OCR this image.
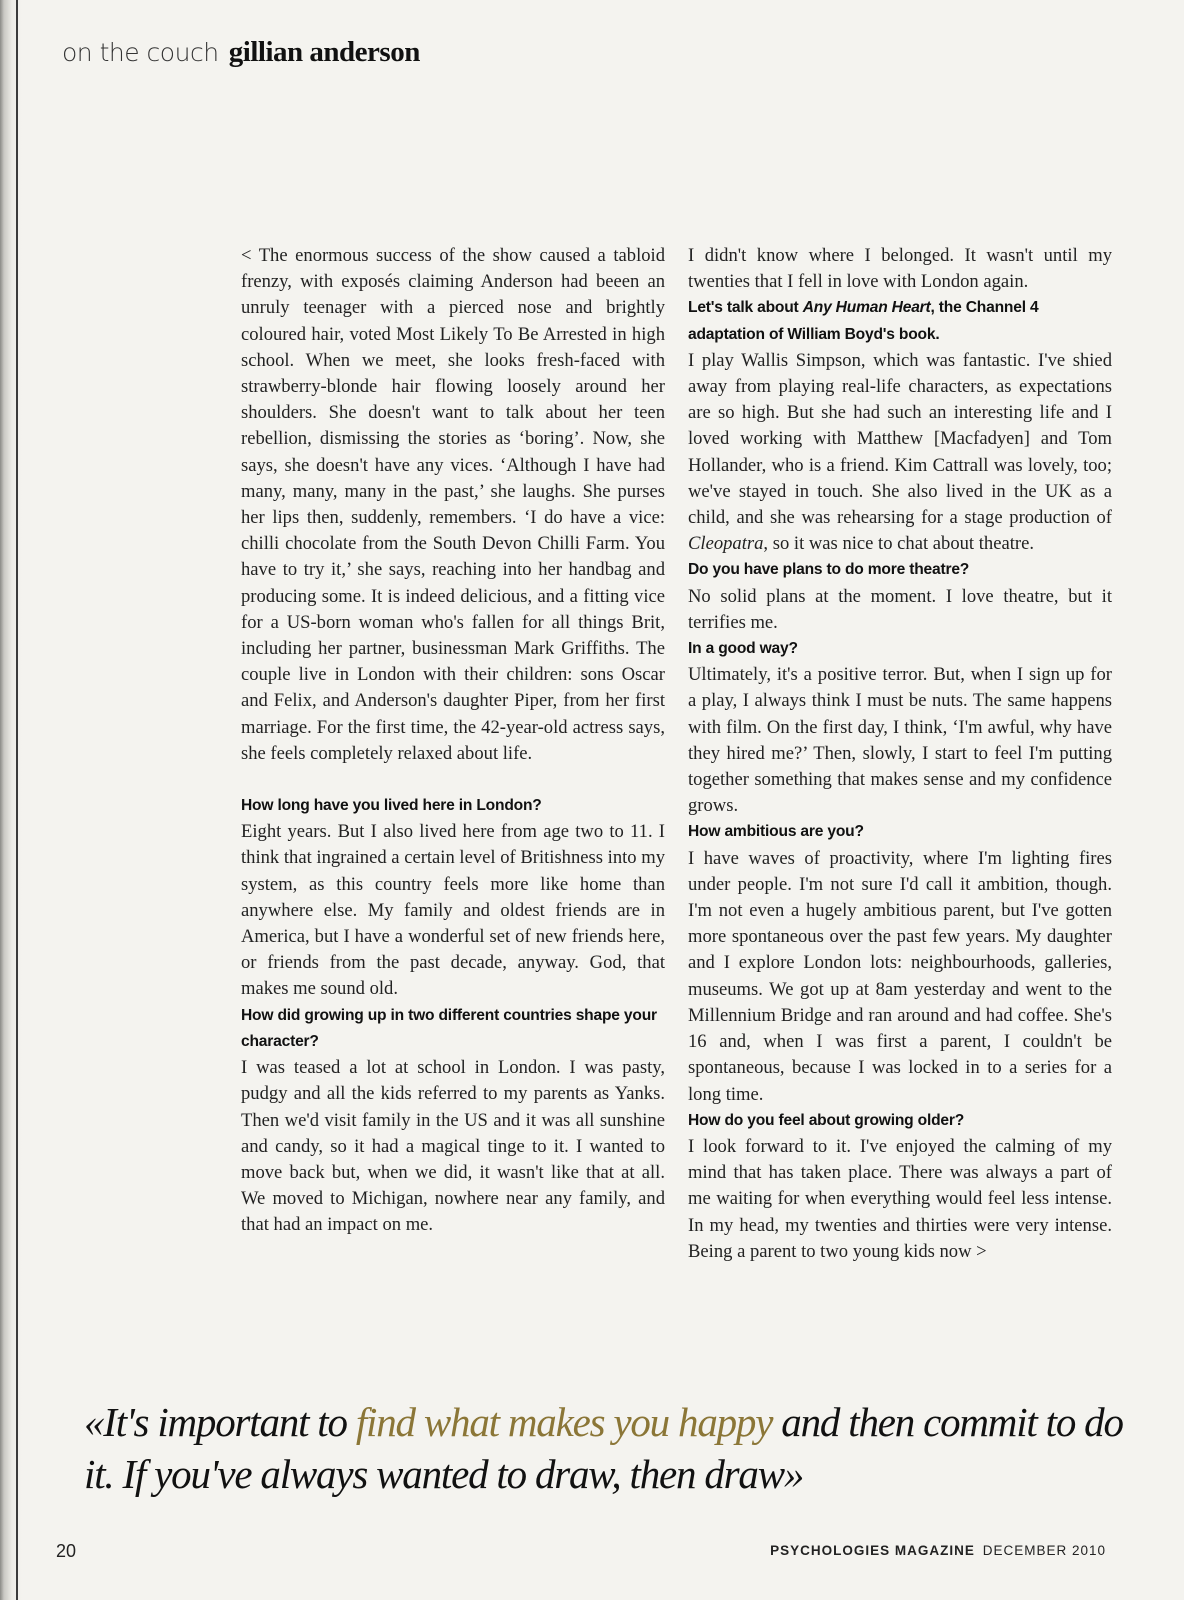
on the couch gillian anderson

< The enormous success of the show caused a tabloid frenzy, with exposés claiming Anderson had beeen an unruly teenager with a pierced nose and brightly coloured hair, voted Most Likely To Be Arrested in high school. When we meet, she looks fresh-faced with strawberry-blonde hair flowing loosely around her shoulders. She doesn't want to talk about her teen rebellion, dismissing the stories as ‘boring’. Now, she says, she doesn't have any vices. ‘Although I have had many, many, many in the past,’ she laughs. She purses her lips then, suddenly, remembers. ‘I do have a vice: chilli chocolate from the South Devon Chilli Farm. You have to try it,’ she says, reaching into her handbag and producing some. It is indeed delicious, and a fitting vice for a US-born woman who's fallen for all things Brit, including her partner, businessman Mark Griffiths. The couple live in London with their children: sons Oscar and Felix, and Anderson's daughter Piper, from her first marriage. For the first time, the 42-year-old actress says, she feels completely relaxed about life.

How long have you lived here in London?

Eight years. But I also lived here from age two to 11. I think that ingrained a certain level of Britishness into my system, as this country feels more like home than anywhere else. My family and oldest friends are in America, but I have a wonderful set of new friends here, or friends from the past decade, anyway. God, that makes me sound old.

How did growing up in two different countries shape your character?

I was teased a lot at school in London. I was pasty, pudgy and all the kids referred to my parents as Yanks. Then we'd visit family in the US and it was all sunshine and candy, so it had a magical tinge to it. I wanted to move back but, when we did, it wasn't like that at all. We moved to Michigan, nowhere near any family, and that had an impact on me.

I didn't know where I belonged. It wasn't until my twenties that I fell in love with London again.

Let's talk about Any Human Heart, the Channel 4 adaptation of William Boyd's book.

I play Wallis Simpson, which was fantastic. I've shied away from playing real-life characters, as expectations are so high. But she had such an interesting life and I loved working with Matthew [Macfadyen] and Tom Hollander, who is a friend. Kim Cattrall was lovely, too; we've stayed in touch. She also lived in the UK as a child, and she was rehearsing for a stage production of Cleopatra, so it was nice to chat about theatre.

Do you have plans to do more theatre?

No solid plans at the moment. I love theatre, but it terrifies me.

In a good way?

Ultimately, it's a positive terror. But, when I sign up for a play, I always think I must be nuts. The same happens with film. On the first day, I think, ‘I'm awful, why have they hired me?’ Then, slowly, I start to feel I'm putting together something that makes sense and my confidence grows.

How ambitious are you?

I have waves of proactivity, where I'm lighting fires under people. I'm not sure I'd call it ambition, though. I'm not even a hugely ambitious parent, but I've gotten more spontaneous over the past few years. My daughter and I explore London lots: neighbourhoods, galleries, museums. We got up at 8am yesterday and went to the Millennium Bridge and ran around and had coffee. She's 16 and, when I was first a parent, I couldn't be spontaneous, because I was locked in to a series for a long time.

How do you feel about growing older?

I look forward to it. I've enjoyed the calming of my mind that has taken place. There was always a part of me waiting for when everything would feel less intense. In my head, my twenties and thirties were very intense. Being a parent to two young kids now >

«It's important to find what makes you happy and then commit to do it. If you've always wanted to draw, then draw»
20	PSYCHOLOGIES MAGAZINE DECEMBER 2010
